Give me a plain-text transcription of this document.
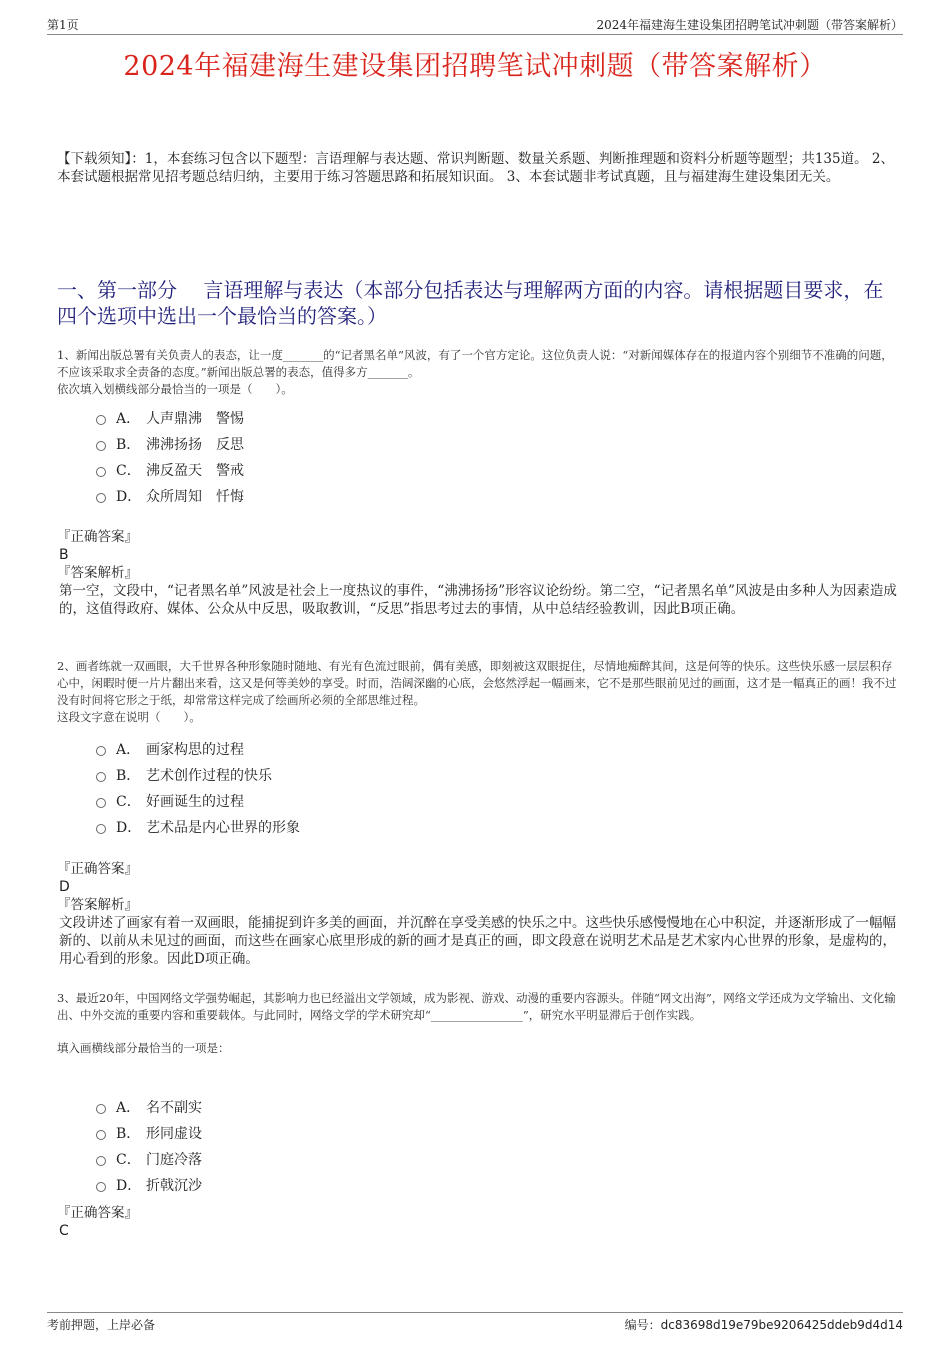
第1页	2024年福建海生建设集团招聘笔试冲刺题（带答案解析）
2024年福建海生建设集团招聘笔试冲刺题（带答案解析）
【下载须知】：1，本套练习包含以下题型：言语理解与表达题、常识判断题、数量关系题、判断推理题和资料分析题等题型；共135道。 2、本套试题根据常见招考题总结归纳，主要用于练习答题思路和拓展知识面。 3、本套试题非考试真题，且与福建海生建设集团无关。
一、第一部分　 言语理解与表达（本部分包括表达与理解两方面的内容。请根据题目要求，在四个选项中选出一个最恰当的答案。）
1、新闻出版总署有关负责人的表态，让一度_______的“记者黑名单”风波，有了一个官方定论。这位负责人说：“对新闻媒体存在的报道内容个别细节不准确的问题，不应该采取求全责备的态度。”新闻出版总署的表态，值得多方_______。
依次填入划横线部分最恰当的一项是（　　）。
A． 人声鼎沸　警惕
B． 沸沸扬扬　反思
C． 沸反盈天　警戒
D． 众所周知　忏悔
『正确答案』
B
『答案解析』
第一空，文段中，“记者黑名单”风波是社会上一度热议的事件，“沸沸扬扬”形容议论纷纷。第二空，“记者黑名单”风波是由多种人为因素造成的，这值得政府、媒体、公众从中反思，吸取教训，“反思”指思考过去的事情，从中总结经验教训，因此B项正确。
2、画者练就一双画眼，大千世界各种形象随时随地、有光有色流过眼前，偶有美感，即刻被这双眼捉住，尽情地痴醉其间，这是何等的快乐。这些快乐感一层层积存心中，闲暇时便一片片翻出来看，这又是何等美妙的享受。时而，浩阔深幽的心底，会悠然浮起一幅画来，它不是那些眼前见过的画面，这才是一幅真正的画！我不过没有时间将它形之于纸，却常常这样完成了绘画所必须的全部思维过程。
这段文字意在说明（　　）。
A． 画家构思的过程
B． 艺术创作过程的快乐
C． 好画诞生的过程
D． 艺术品是内心世界的形象
『正确答案』
D
『答案解析』
文段讲述了画家有着一双画眼，能捕捉到许多美的画面，并沉醉在享受美感的快乐之中。这些快乐感慢慢地在心中积淀，并逐渐形成了一幅幅新的、以前从未见过的画面，而这些在画家心底里形成的新的画才是真正的画，即文段意在说明艺术品是艺术家内心世界的形象，是虚构的，用心看到的形象。因此D项正确。
3、最近20年，中国网络文学强势崛起，其影响力也已经溢出文学领域，成为影视、游戏、动漫的重要内容源头。伴随“网文出海”，网络文学还成为文学输出、文化输出、中外交流的重要内容和重要载体。与此同时，网络文学的学术研究却“________________”，研究水平明显滞后于创作实践。
填入画横线部分最恰当的一项是：
A． 名不副实
B． 形同虚设
C． 门庭冷落
D． 折戟沉沙
『正确答案』
C
考前押题，上岸必备	编号：dc83698d19e79be9206425ddeb9d4d14
